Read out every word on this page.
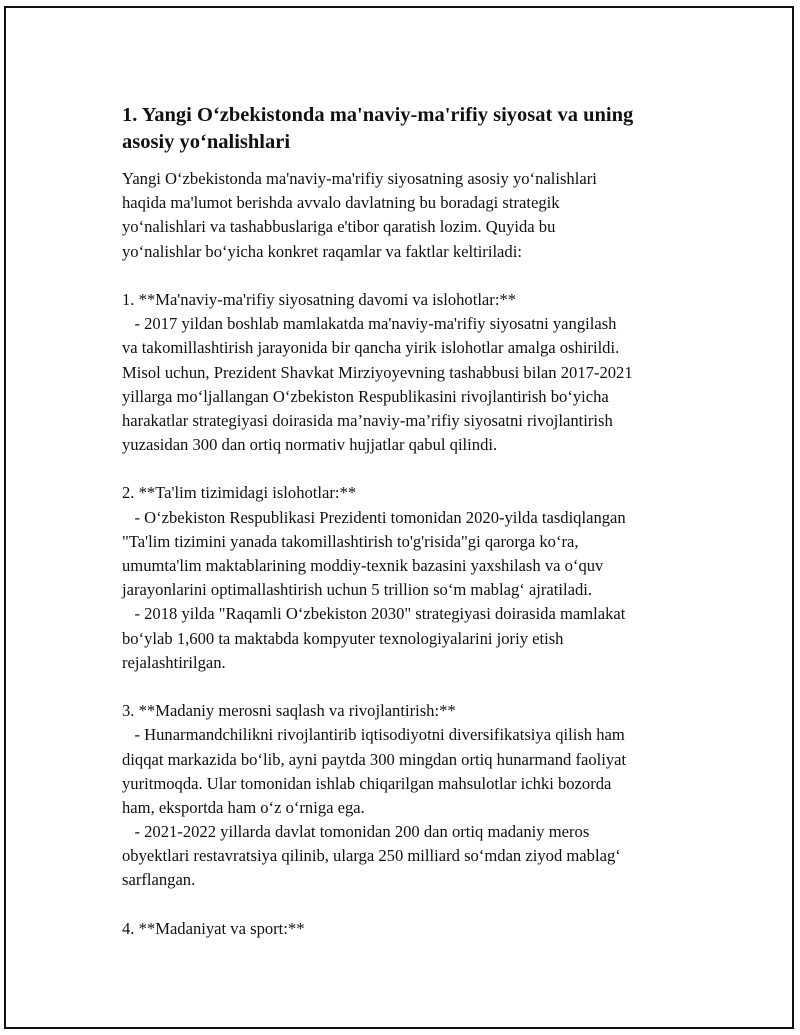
1. Yangi Oʻzbekistonda ma'naviy-ma'rifiy siyosat va uning
asosiy yoʻnalishlari
Yangi Oʻzbekistonda ma'naviy-ma'rifiy siyosatning asosiy yoʻnalishlari
haqida ma'lumot berishda avvalo davlatning bu boradagi strategik
yoʻnalishlari va tashabbuslariga e'tibor qaratish lozim. Quyida bu
yoʻnalishlar boʻyicha konkret raqamlar va faktlar keltiriladi:
1. **Ma'naviy-ma'rifiy siyosatning davomi va islohotlar:**
- 2017 yildan boshlab mamlakatda ma'naviy-ma'rifiy siyosatni yangilash
va takomillashtirish jarayonida bir qancha yirik islohotlar amalga oshirildi.
Misol uchun, Prezident Shavkat Mirziyoyevning tashabbusi bilan 2017-2021
yillarga moʻljallangan Oʻzbekiston Respublikasini rivojlantirish boʻyicha
harakatlar strategiyasi doirasida ma’naviy-ma’rifiy siyosatni rivojlantirish
yuzasidan 300 dan ortiq normativ hujjatlar qabul qilindi.
2. **Ta'lim tizimidagi islohotlar:**
- Oʻzbekiston Respublikasi Prezidenti tomonidan 2020-yilda tasdiqlangan
"Ta'lim tizimini yanada takomillashtirish to'g'risida"gi qarorga koʻra,
umumta'lim maktablarining moddiy-texnik bazasini yaxshilash va oʻquv
jarayonlarini optimallashtirish uchun 5 trillion soʻm mablagʻ ajratiladi.
- 2018 yilda "Raqamli Oʻzbekiston 2030" strategiyasi doirasida mamlakat
boʻylab 1,600 ta maktabda kompyuter texnologiyalarini joriy etish
rejalashtirilgan.
3. **Madaniy merosni saqlash va rivojlantirish:**
- Hunarmandchilikni rivojlantirib iqtisodiyotni diversifikatsiya qilish ham
diqqat markazida boʻlib, ayni paytda 300 mingdan ortiq hunarmand faoliyat
yuritmoqda. Ular tomonidan ishlab chiqarilgan mahsulotlar ichki bozorda
ham, eksportda ham oʻz oʻrniga ega.
- 2021-2022 yillarda davlat tomonidan 200 dan ortiq madaniy meros
obyektlari restavratsiya qilinib, ularga 250 milliard soʻmdan ziyod mablagʻ
sarflangan.
4. **Madaniyat va sport:**
